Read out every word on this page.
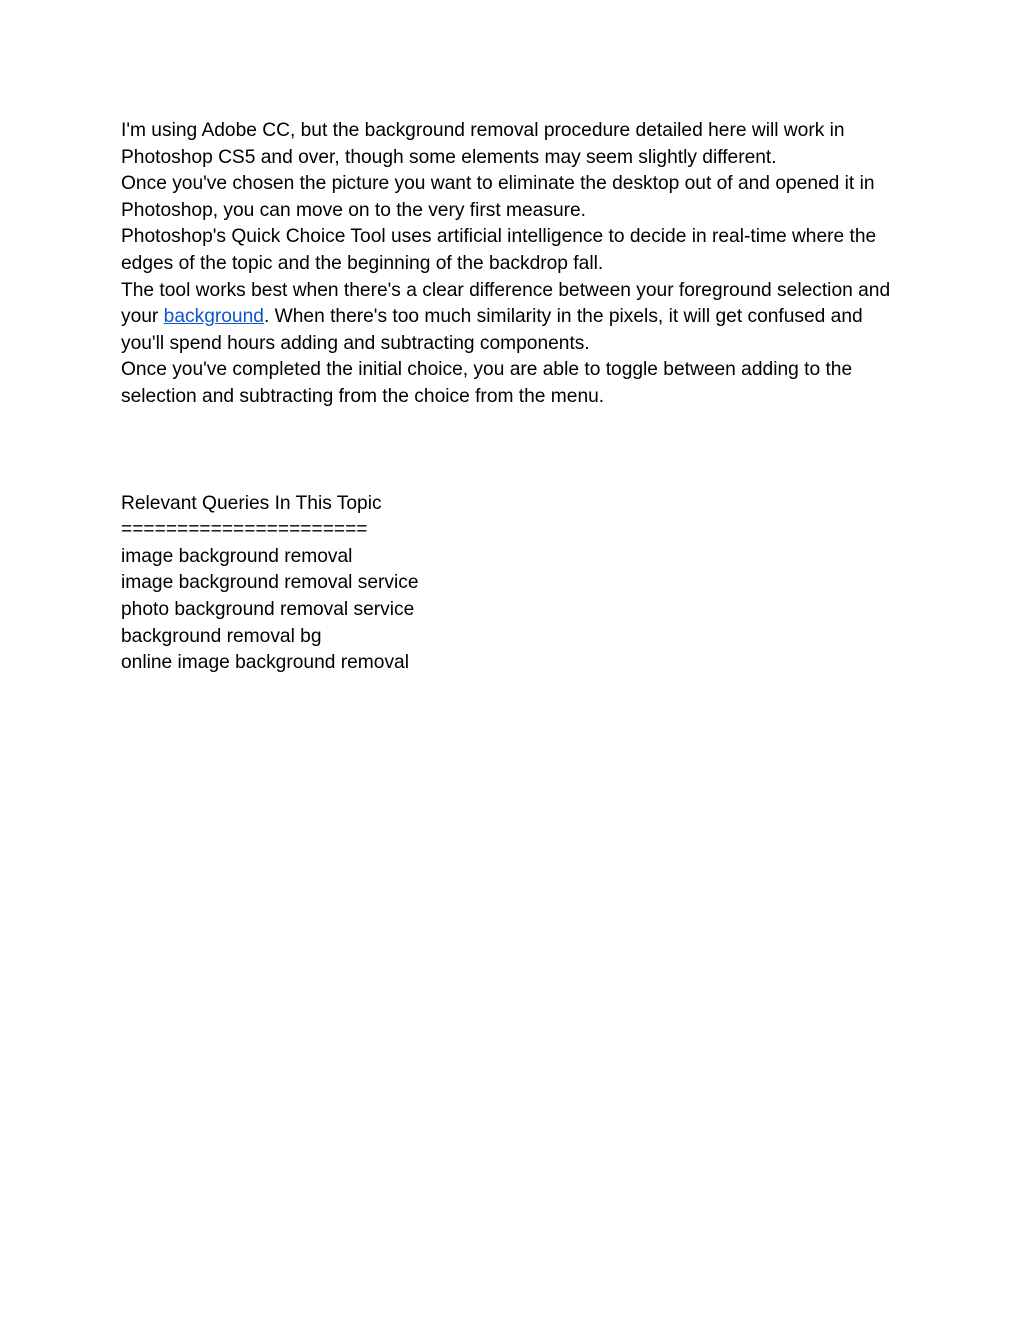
I'm using Adobe CC, but the background removal procedure detailed here will work in Photoshop CS5 and over, though some elements may seem slightly different.

Once you've chosen the picture you want to eliminate the desktop out of and opened it in Photoshop, you can move on to the very first measure.

Photoshop's Quick Choice Tool uses artificial intelligence to decide in real-time where the edges of the topic and the beginning of the backdrop fall.

The tool works best when there's a clear difference between your foreground selection and your background. When there's too much similarity in the pixels, it will get confused and you'll spend hours adding and subtracting components.

Once you've completed the initial choice, you are able to toggle between adding to the selection and subtracting from the choice from the menu.

Relevant Queries In This Topic
======================
image background removal
image background removal service
photo background removal service
background removal bg
online image background removal
